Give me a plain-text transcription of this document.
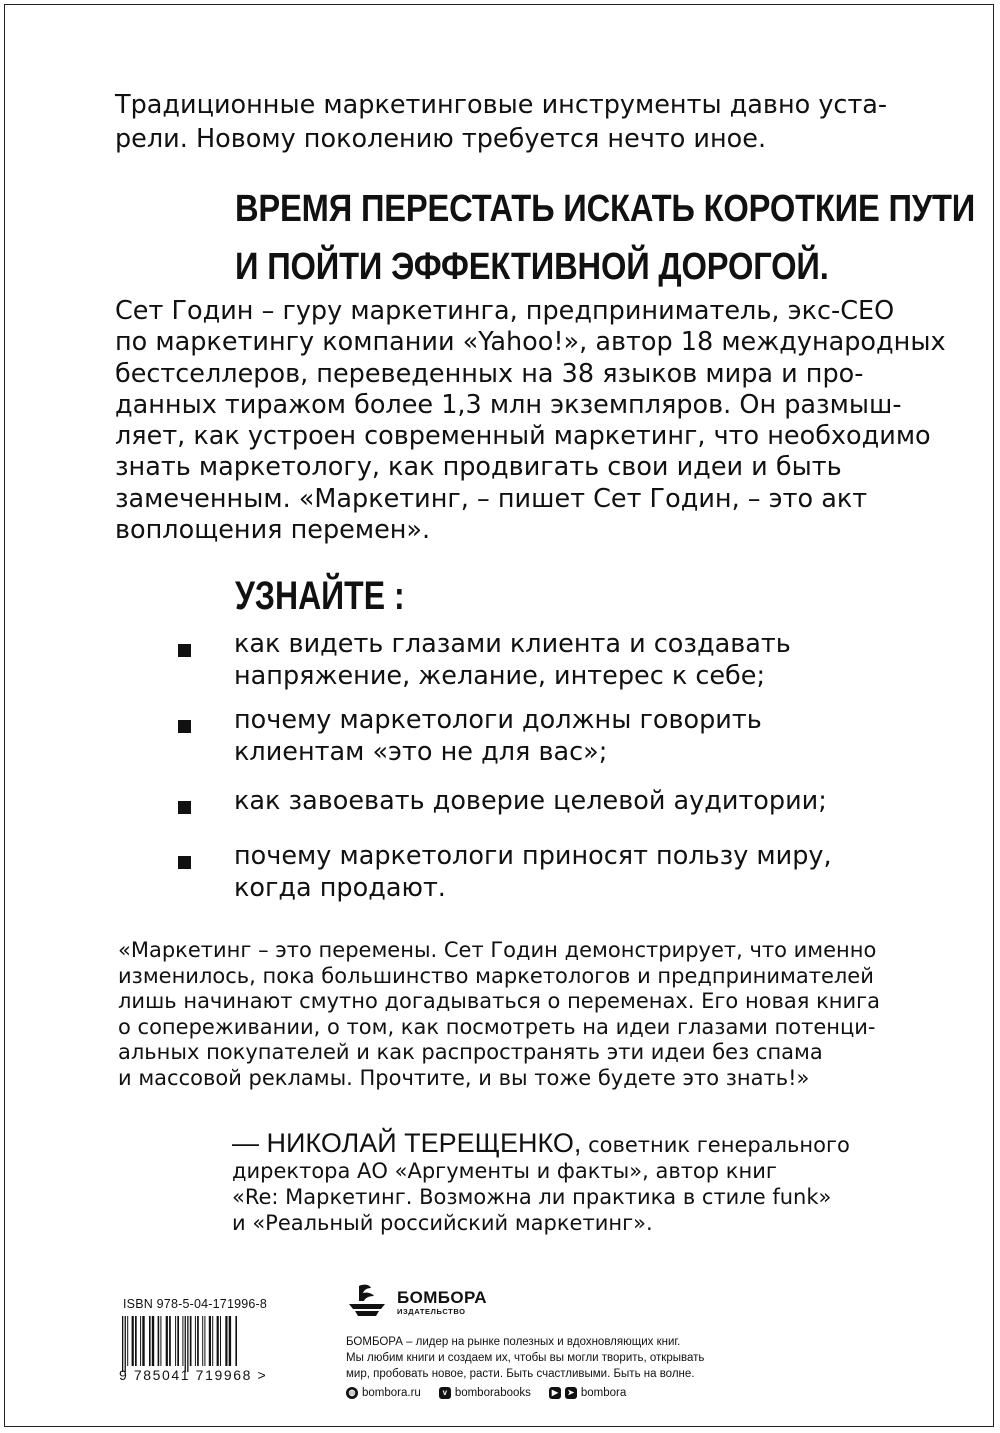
Традиционные маркетинговые инструменты давно уста-
рели. Новому поколению требуется нечто иное.

ВРЕМЯ ПЕРЕСТАТЬ ИСКАТЬ КОРОТКИЕ ПУТИ
И ПОЙТИ ЭФФЕКТИВНОЙ ДОРОГОЙ.

Сет Годин – гуру маркетинга, предприниматель, экс-CEO
по маркетингу компании «Yahoo!», автор 18 международных
бестселлеров, переведенных на 38 языков мира и про-
данных тиражом более 1,3 млн экземпляров. Он размыш-
ляет, как устроен современный маркетинг, что необходимо
знать маркетологу, как продвигать свои идеи и быть
замеченным. «Маркетинг, – пишет Сет Годин, – это акт
воплощения перемен».

УЗНАЙТЕ :
как видеть глазами клиента и создавать
напряжение, желание, интерес к себе;
почему маркетологи должны говорить
клиентам «это не для вас»;
как завоевать доверие целевой аудитории;
почему маркетологи приносят пользу миру,
когда продают.

«Маркетинг – это перемены. Сет Годин демонстрирует, что именно
изменилось, пока большинство маркетологов и предпринимателей
лишь начинают смутно догадываться о переменах. Его новая книга
о сопереживании, о том, как посмотреть на идеи глазами потенци-
альных покупателей и как распространять эти идеи без спама
и массовой рекламы. Прочтите, и вы тоже будете это знать!»

— НИКОЛАЙ ТЕРЕЩЕНКО, советник генерального
директора АО «Аргументы и факты», автор книг
«Re: Маркетинг. Возможна ли практика в стиле funk»
и «Реальный российский маркетинг».

ISBN 978-5-04-171996-8
9 785041 719968 >
БОМБОРА
ИЗДАТЕЛЬСТВО
БОМБОРА – лидер на рынке полезных и вдохновляющих книг.
Мы любим книги и создаем их, чтобы вы могли творить, открывать
мир, пробовать новое, расти. Быть счастливыми. Быть на волне.
◍ bombora.ru	v bomborabooks	▶	➤ bombora
